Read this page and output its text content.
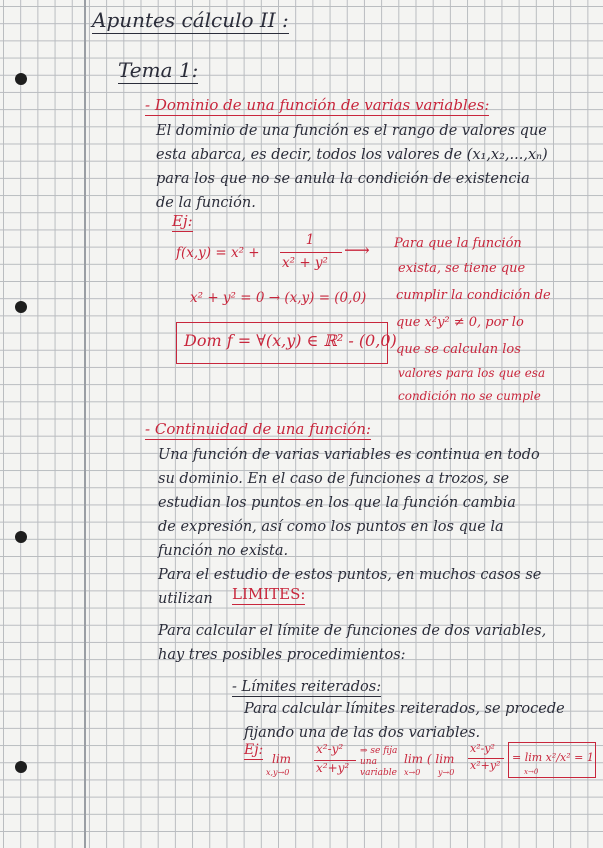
Apuntes cálculo II :
Tema 1:
- Dominio de una función de varias variables:
El dominio de una función es el rango de valores que
esta abarca, es decir, todos los valores de (x₁,x₂,...,xₙ)
para los que no se anula la condición de existencia
de la función.
Ej:
f(x,y) = x² +
1
x² + y²
⟶
x² + y² = 0 → (x,y) = (0,0)
Dom f = ∀(x,y) ∈ ℝ² - (0,0)
Para que la función
exista, se tiene que
cumplir la condición de
que x²y² ≠ 0, por lo
que se calculan los
valores para los que esa
condición no se cumple
- Continuidad de una función:
Una función de varias variables es continua en todo
su dominio. En el caso de funciones a trozos, se
estudian los puntos en los que la función cambia
de expresión, así como los puntos en los que la
función no exista.
Para el estudio de estos puntos, en muchos casos se
utilizan LIMITES:
Para calcular el límite de funciones de dos variables,
hay tres posibles procedimientos:
- Límites reiterados:
Para calcular límites reiterados, se procede
fijando una de las dos variables.
Ej:
lim
x,y→0
x²-y²
x²+y²
⇒ se fija una variable
lim ( lim
x→0 y→0
x²-y²
x²+y²
= lim x²/x² = 1
x→0
